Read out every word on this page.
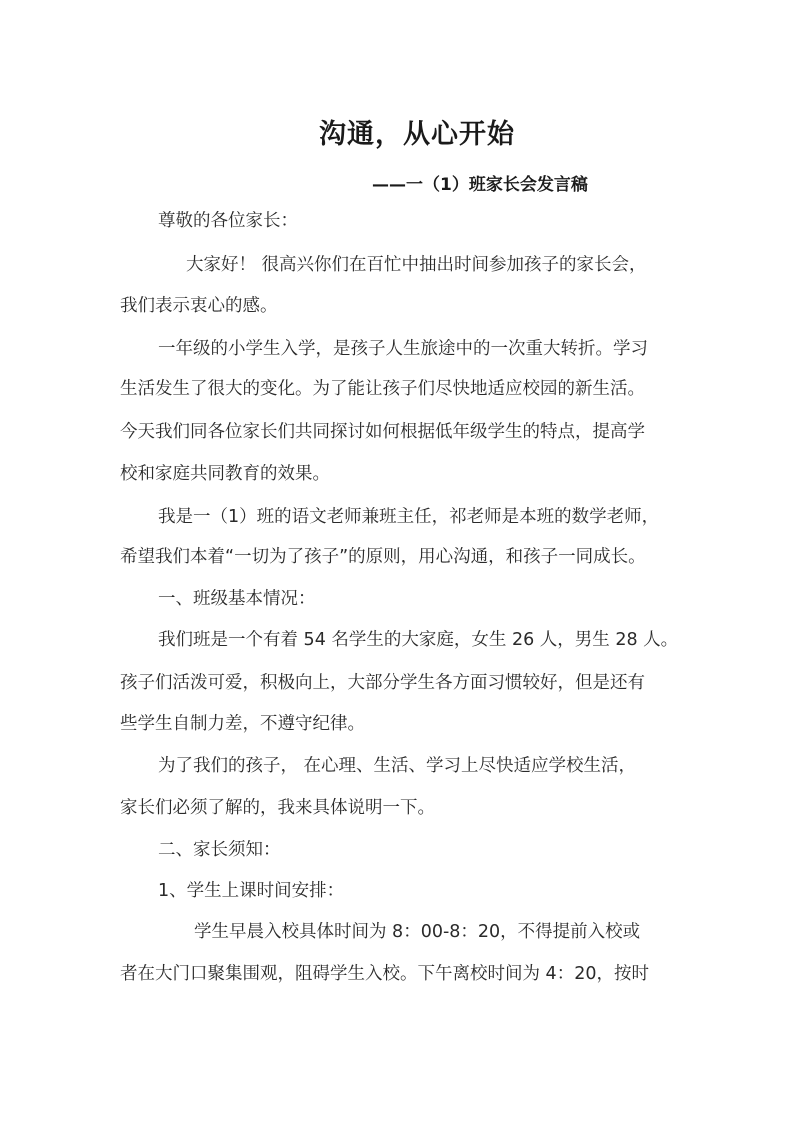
沟通，从心开始
——一（1）班家长会发言稿
尊敬的各位家长：
大家好！ 很高兴你们在百忙中抽出时间参加孩子的家长会，
我们表示衷心的感。
一年级的小学生入学，是孩子人生旅途中的一次重大转折。学习
生活发生了很大的变化。为了能让孩子们尽快地适应校园的新生活。
今天我们同各位家长们共同探讨如何根据低年级学生的特点，提高学
校和家庭共同教育的效果。
我是一（1）班的语文老师兼班主任，祁老师是本班的数学老师，
希望我们本着“一切为了孩子”的原则，用心沟通，和孩子一同成长。
一、班级基本情况：
我们班是一个有着 54 名学生的大家庭，女生 26 人，男生 28 人。
孩子们活泼可爱，积极向上，大部分学生各方面习惯较好，但是还有
些学生自制力差，不遵守纪律。
为了我们的孩子， 在心理、生活、学习上尽快适应学校生活，
家长们必须了解的，我来具体说明一下。
二、家长须知：
1、学生上课时间安排：
学生早晨入校具体时间为 8：00-8：20，不得提前入校或
者在大门口聚集围观，阻碍学生入校。下午离校时间为 4：20，按时
